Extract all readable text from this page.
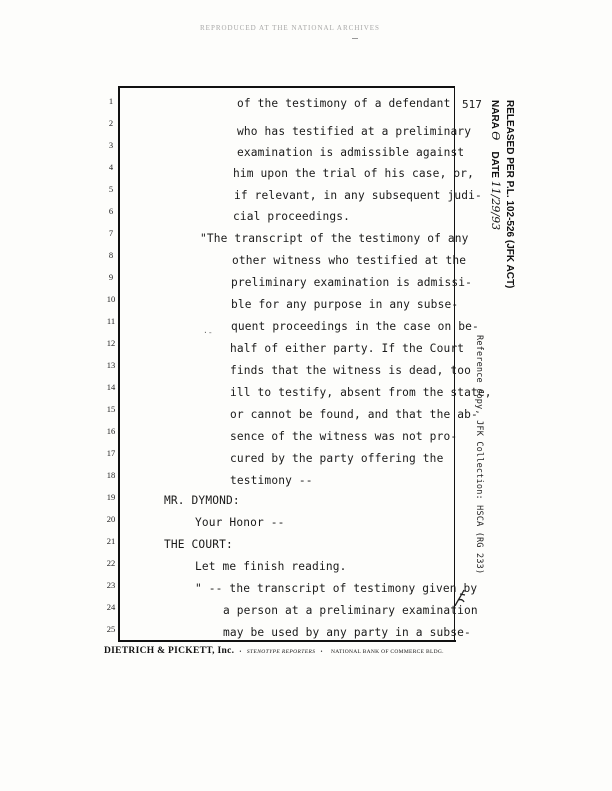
REPRODUCED AT THE NATIONAL ARCHIVES
517
1
2
3
4
5
6
7
8
9
10
11
12
13
14
15
16
17
18
19
20
21
22
23
24
25
of the testimony of a defendant
who has testified at a preliminary
examination is admissible against
him upon the trial of his case, or,
if relevant, in any subsequent judi-
cial proceedings.
"The transcript of the testimony of any
other witness who testified at the
preliminary examination is admissi-
ble for any purpose in any subse-
quent proceedings in the case on be-
half of either party. If the Court
finds that the witness is dead, too
ill to testify, absent from the state,
or cannot be found, and that the ab-
sence of the witness was not pro-
cured by the party offering the
testimony --
MR. DYMOND:
Your Honor --
THE COURT:
Let me finish reading.
" -- the transcript of testimony given by
a person at a preliminary examination
may be used by any party in a subse-
·-
DIETRICH & PICKETT, Inc. • STENOTYPE REPORTERS • NATIONAL BANK OF COMMERCE BLDG.
RELEASED PER P.L. 102-526 (JFK ACT)
NARA ϴ    DATE 11/29/93
Reference copy, JFK Collection: HSCA (RG 233)
